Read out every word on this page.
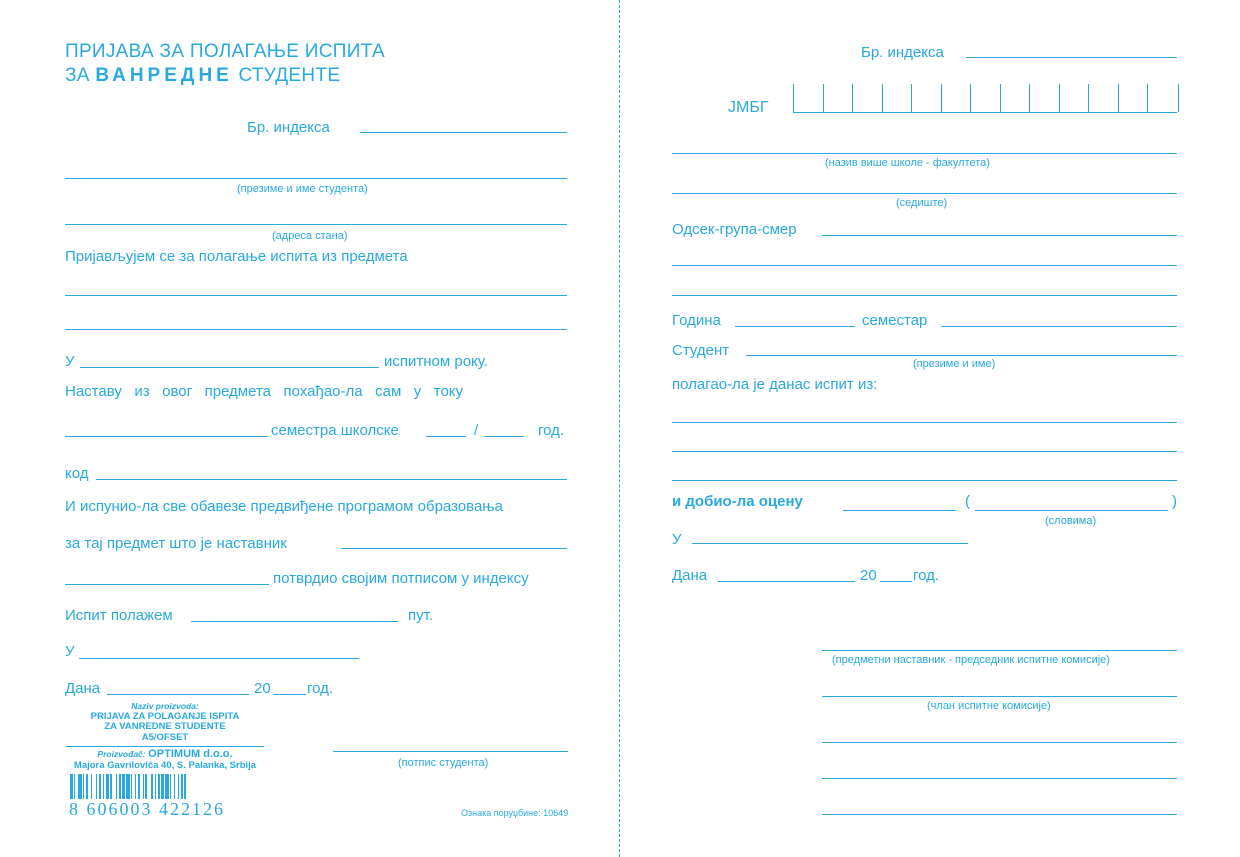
ПРИЈАВА ЗА ПОЛАГАЊЕ ИСПИТА
ЗА ВАНРЕДНЕ СТУДЕНТЕ
Бр. индекса
(презиме и име студента)
(адреса стана)
Пријављујем се за полагање испита из предмета
У	испитном року.
Наставу   из   овог   предмета   похађао-ла   сам   у   току
семестра школске	/	год.
код
И испунио-ла све обавезе предвиђене програмом образовања
за тај предмет што је наставник
потврдио својим потписом у индексу
Испит полажем	пут.
У
Дана	20 год.
(потпис студента)
Naziv proizvoda:
PRIJAVA ZA POLAGANJE ISPITA
ZA VANREDNE STUDENTE
A5/OFSET
Proizvođač: OPTIMUM d.o.o.
Majora Gavrilovića 40, S. Palanka, Srbija
8 606003 422126	Ознака поруџбине: 10649
Бр. индекса
ЈМБГ
(назив више школе - факултета)
(седиште)
Одсек-група-смер
Година	семестар
Студент
(презиме и име)
полагао-ла је данас испит из:
и добио-ла оцену	(	)
(словима)
У
Дана	20 год.
(предметни наставник - председник испитне комисије)
(члан испитне комисије)
